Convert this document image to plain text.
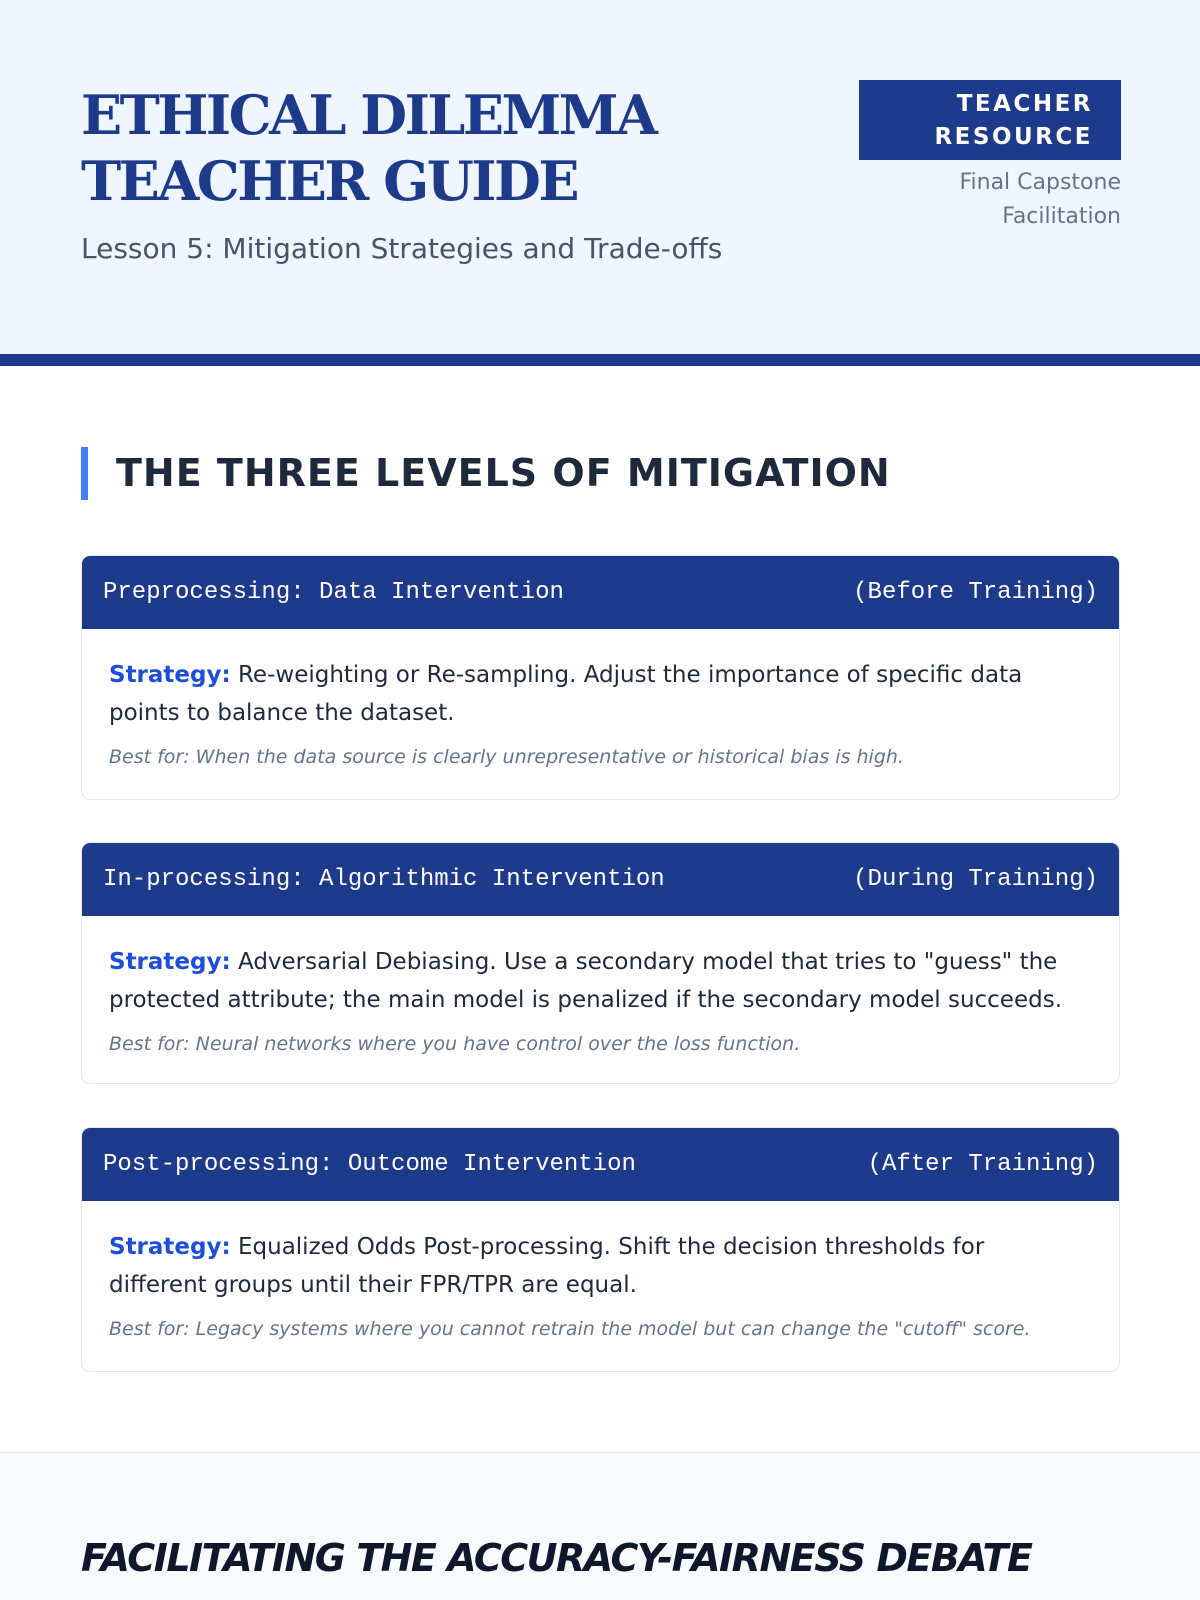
ETHICAL DILEMMA
TEACHER GUIDE
Lesson 5: Mitigation Strategies and Trade-offs
TEACHER
RESOURCE
Final Capstone
Facilitation
THE THREE LEVELS OF MITIGATION
Preprocessing: Data Intervention	(Before Training)

Strategy: Re-weighting or Re-sampling. Adjust the importance of specific data points to balance the dataset.

Best for: When the data source is clearly unrepresentative or historical bias is high.

In-processing: Algorithmic Intervention	(During Training)

Strategy: Adversarial Debiasing. Use a secondary model that tries to "guess" the protected attribute; the main model is penalized if the secondary model succeeds.

Best for: Neural networks where you have control over the loss function.

Post-processing: Outcome Intervention	(After Training)

Strategy: Equalized Odds Post-processing. Shift the decision thresholds for different groups until their FPR/TPR are equal.

Best for: Legacy systems where you cannot retrain the model but can change the "cutoff" score.

FACILITATING THE ACCURACY-FAIRNESS DEBATE
